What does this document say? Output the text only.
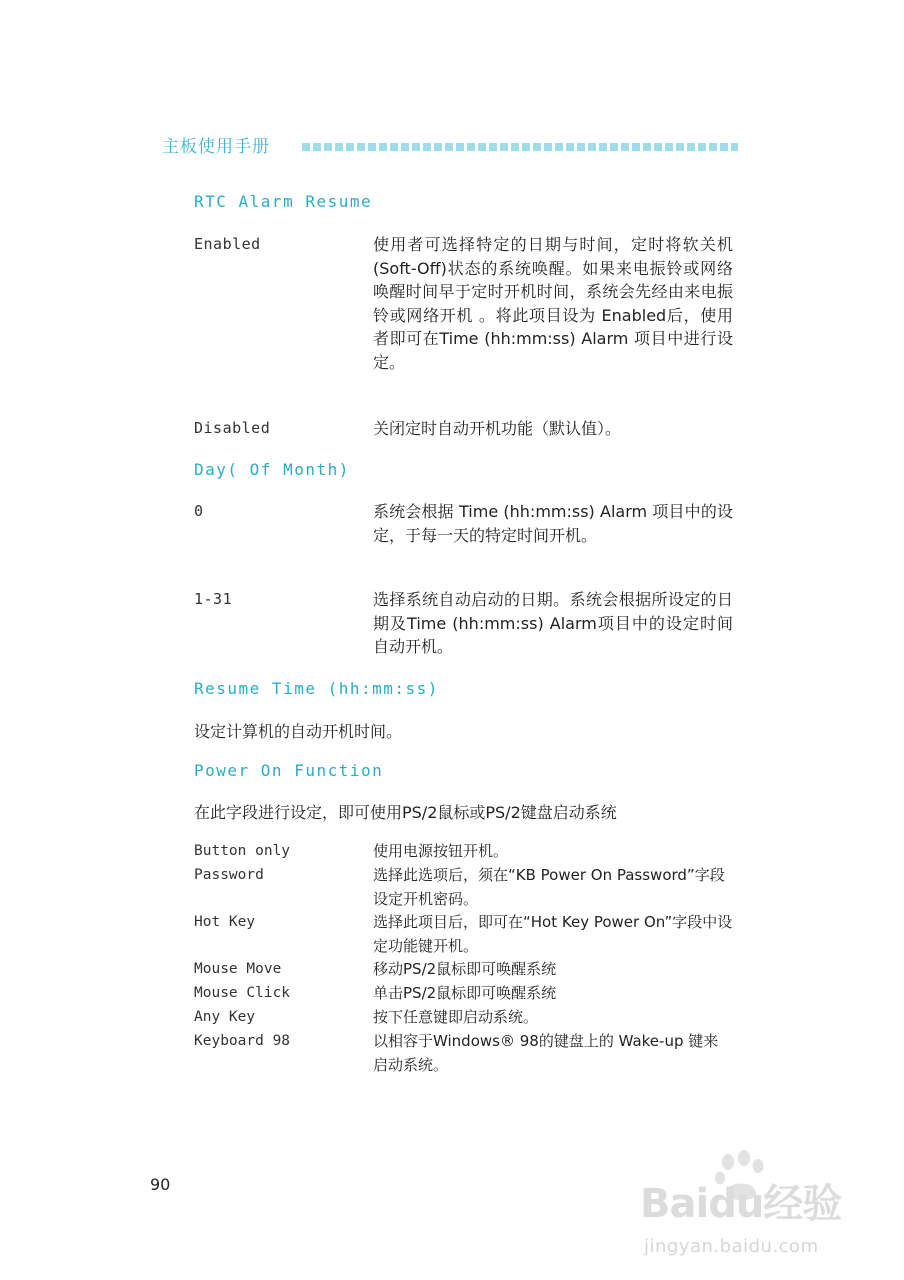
主板使用手册
RTC Alarm Resume
Enabled	使用者可选择特定的日期与时间，定时将软关机(Soft-Off)状态的系统唤醒。如果来电振铃或网络唤醒时间早于定时开机时间，系统会先经由来电振铃或网络开机 。将此项目设为 Enabled后，使用者即可在Time (hh:mm:ss) Alarm 项目中进行设定。
Disabled	关闭定时自动开机功能（默认值）。
Day( Of Month)
0	系统会根据 Time (hh:mm:ss) Alarm 项目中的设定，于每一天的特定时间开机。
1-31	选择系统自动启动的日期。系统会根据所设定的日期及Time (hh:mm:ss) Alarm项目中的设定时间自动开机。
Resume Time (hh:mm:ss)
设定计算机的自动开机时间。
Power On Function
在此字段进行设定，即可使用PS/2鼠标或PS/2键盘启动系统
Button only	使用电源按钮开机。
Password	选择此选项后，须在“KB Power On Password”字段设定开机密码。
Hot Key	选择此项目后，即可在“Hot Key Power On”字段中设定功能键开机。
Mouse Move	移动PS/2鼠标即可唤醒系统
Mouse Click	单击PS/2鼠标即可唤醒系统
Any Key	按下任意键即启动系统。
Keyboard 98	以相容于Windows® 98的键盘上的 Wake-up 键来启动系统。
90	Baidu经验
jingyan.baidu.com
